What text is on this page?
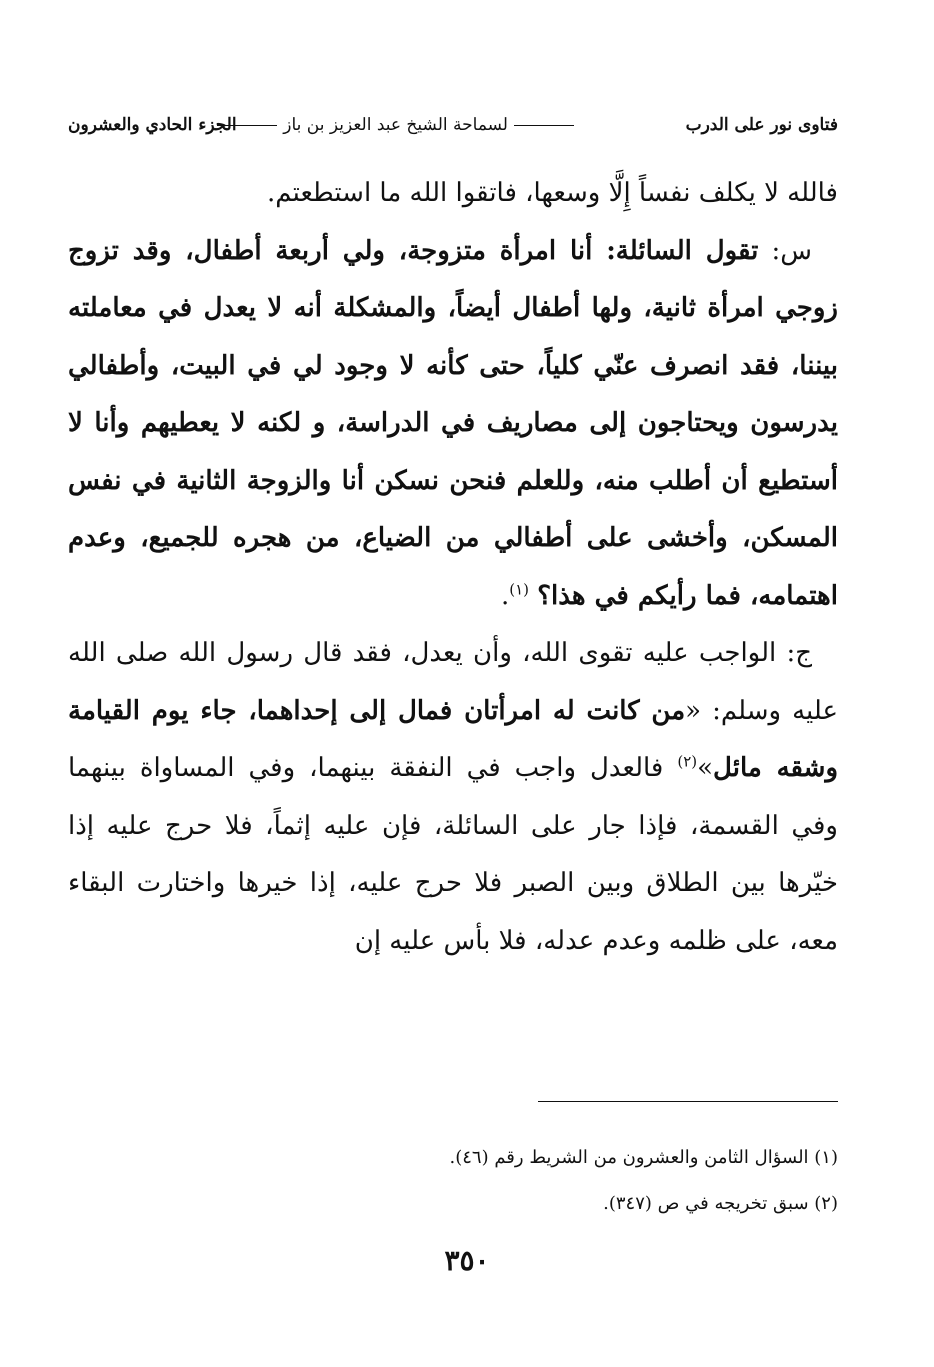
فتاوى نور على الدرب
لسماحة الشيخ عبد العزيز بن باز
الجزء الحادي والعشرون

فالله لا يكلف نفساً إِلَّا وسعها، فاتقوا الله ما استطعتم.

 س: تقول السائلة: أنا امرأة متزوجة، ولي أربعة أطفال، وقد تزوج زوجي امرأة ثانية، ولها أطفال أيضاً، والمشكلة أنه لا يعدل في معاملته بيننا، فقد انصرف عنّي كلياً، حتى كأنه لا وجود لي في البيت، وأطفالي يدرسون ويحتاجون إلى مصاريف في الدراسة، و لكنه لا يعطيهم وأنا لا أستطيع أن أطلب منه، وللعلم فنحن نسكن أنا والزوجة الثانية في نفس المسكن، وأخشى على أطفالي من الضياع، من هجره للجميع، وعدم اهتمامه، فما رأيكم في هذا؟ $^{(١)}$.

 ج: الواجب عليه تقوى الله، وأن يعدل، فقد قال رسول الله صلى الله عليه وسلم: «من كانت له امرأتان فمال إلى إحداهما، جاء يوم القيامة وشقه مائل»$^{(٢)}$ فالعدل واجب في النفقة بينهما، وفي المساواة بينهما وفي القسمة، فإذا جار على السائلة، فإن عليه إثماً، فلا حرج عليه إذا خيّرها بين الطلاق وبين الصبر فلا حرج عليه، إذا خيرها واختارت البقاء معه، على ظلمه وعدم عدله، فلا بأس عليه إن

(١) السؤال الثامن والعشرون من الشريط رقم (٤٦).

(٢) سبق تخريجه في ص (٣٤٧).

٣٥٠
